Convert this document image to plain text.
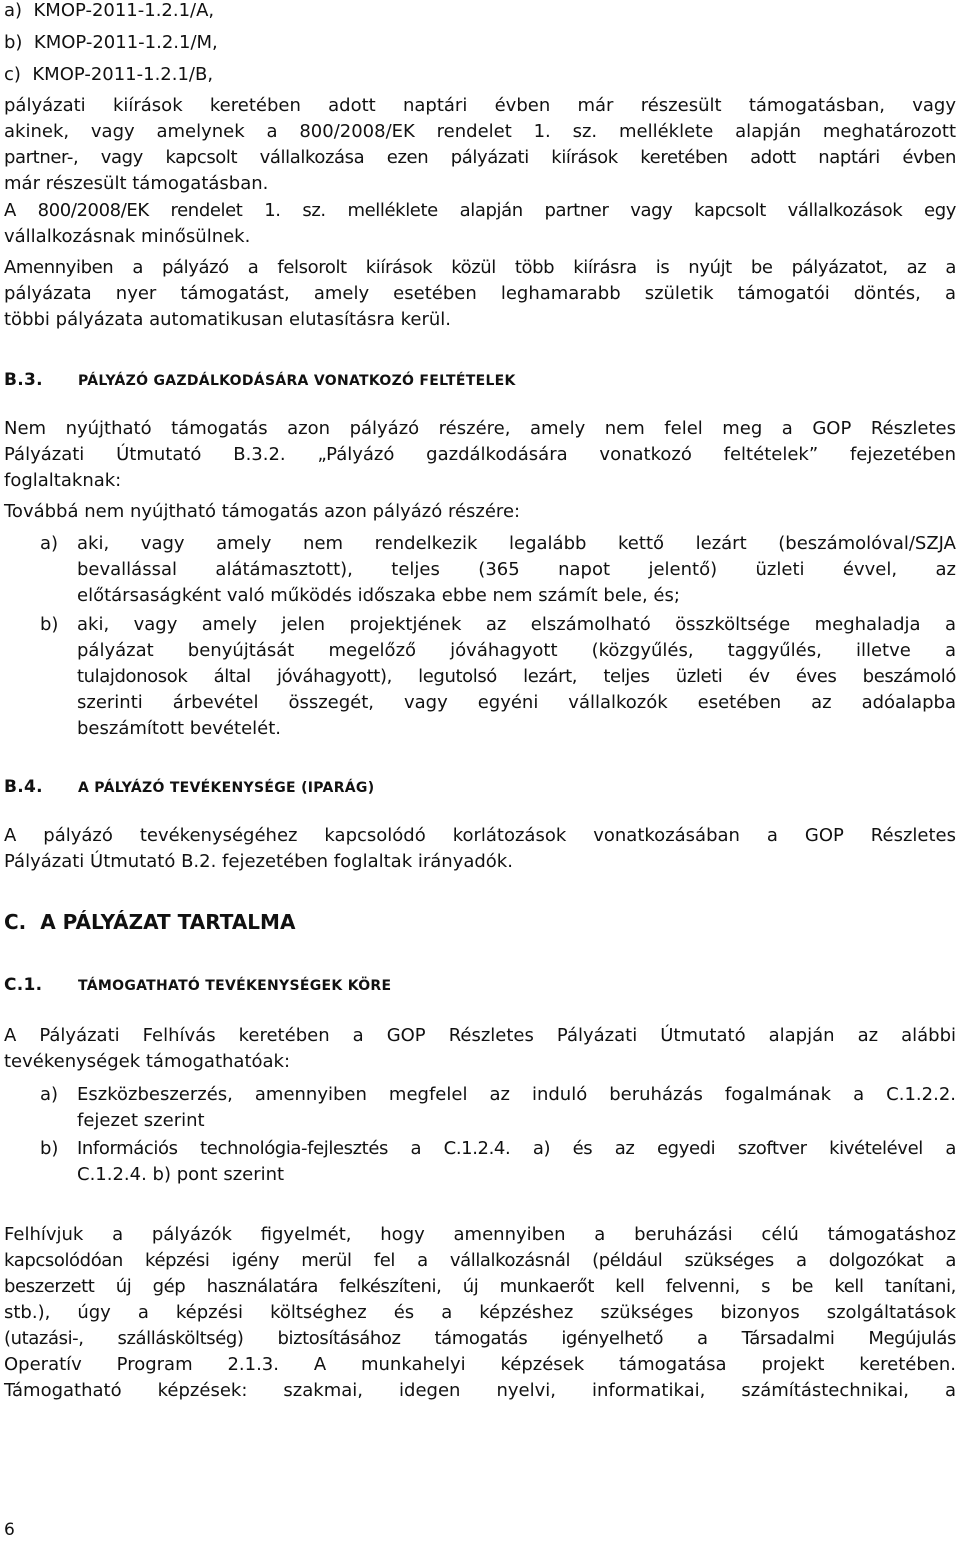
a)  KMOP-2011-1.2.1/A,
b)  KMOP-2011-1.2.1/M,
c)  KMOP-2011-1.2.1/B,
pályázati kiírások keretében adott naptári évben már részesült támogatásban, vagy
akinek, vagy amelynek a 800/2008/EK rendelet 1. sz. melléklete alapján meghatározott
partner-, vagy kapcsolt vállalkozása ezen pályázati kiírások keretében adott naptári évben
már részesült támogatásban.
A 800/2008/EK rendelet 1. sz. melléklete alapján partner vagy kapcsolt vállalkozások egy
vállalkozásnak minősülnek.
Amennyiben a pályázó a felsorolt kiírások közül több kiírásra is nyújt be pályázatot, az a
pályázata nyer támogatást, amely esetében leghamarabb születik támogatói döntés, a
többi pályázata automatikusan elutasításra kerül.
B.3.	PÁLYÁZÓ GAZDÁLKODÁSÁRA VONATKOZÓ FELTÉTELEK
Nem nyújtható támogatás azon pályázó részére, amely nem felel meg a GOP Részletes
Pályázati Útmutató B.3.2. „Pályázó gazdálkodására vonatkozó feltételek” fejezetében
foglaltaknak:
Továbbá nem nyújtható támogatás azon pályázó részére:
a) aki, vagy amely nem rendelkezik legalább kettő lezárt (beszámolóval/SZJA
bevallással alátámasztott), teljes (365 napot jelentő) üzleti évvel, az
előtársaságként való működés időszaka ebbe nem számít bele, és;
b) aki, vagy amely jelen projektjének az elszámolható összköltsége meghaladja a
pályázat benyújtását megelőző jóváhagyott (közgyűlés, taggyűlés, illetve a
tulajdonosok által jóváhagyott), legutolsó lezárt, teljes üzleti év éves beszámoló
szerinti árbevétel összegét, vagy egyéni vállalkozók esetében az adóalapba
beszámított bevételét.
B.4.	A PÁLYÁZÓ TEVÉKENYSÉGE (IPARÁG)
A pályázó tevékenységéhez kapcsolódó korlátozások vonatkozásában a GOP Részletes
Pályázati Útmutató B.2. fejezetében foglaltak irányadók.
C.  A PÁLYÁZAT TARTALMA
C.1.	TÁMOGATHATÓ TEVÉKENYSÉGEK KÖRE
A Pályázati Felhívás keretében a GOP Részletes Pályázati Útmutató alapján az alábbi
tevékenységek támogathatóak:
a) Eszközbeszerzés, amennyiben megfelel az induló beruházás fogalmának a C.1.2.2.
fejezet szerint
b) Információs technológia-fejlesztés a C.1.2.4. a) és az egyedi szoftver kivételével a
C.1.2.4. b) pont szerint
Felhívjuk a pályázók figyelmét, hogy amennyiben a beruházási célú támogatáshoz
kapcsolódóan képzési igény merül fel a vállalkozásnál (például szükséges a dolgozókat a
beszerzett új gép használatára felkészíteni, új munkaerőt kell felvenni, s be kell tanítani,
stb.), úgy a képzési költséghez és a képzéshez szükséges bizonyos szolgáltatások
(utazási-, szállásköltség) biztosításához támogatás igényelhető a Társadalmi Megújulás
Operatív Program 2.1.3. A munkahelyi képzések támogatása projekt keretében.
Támogatható képzések: szakmai, idegen nyelvi, informatikai, számítástechnikai, a
6
